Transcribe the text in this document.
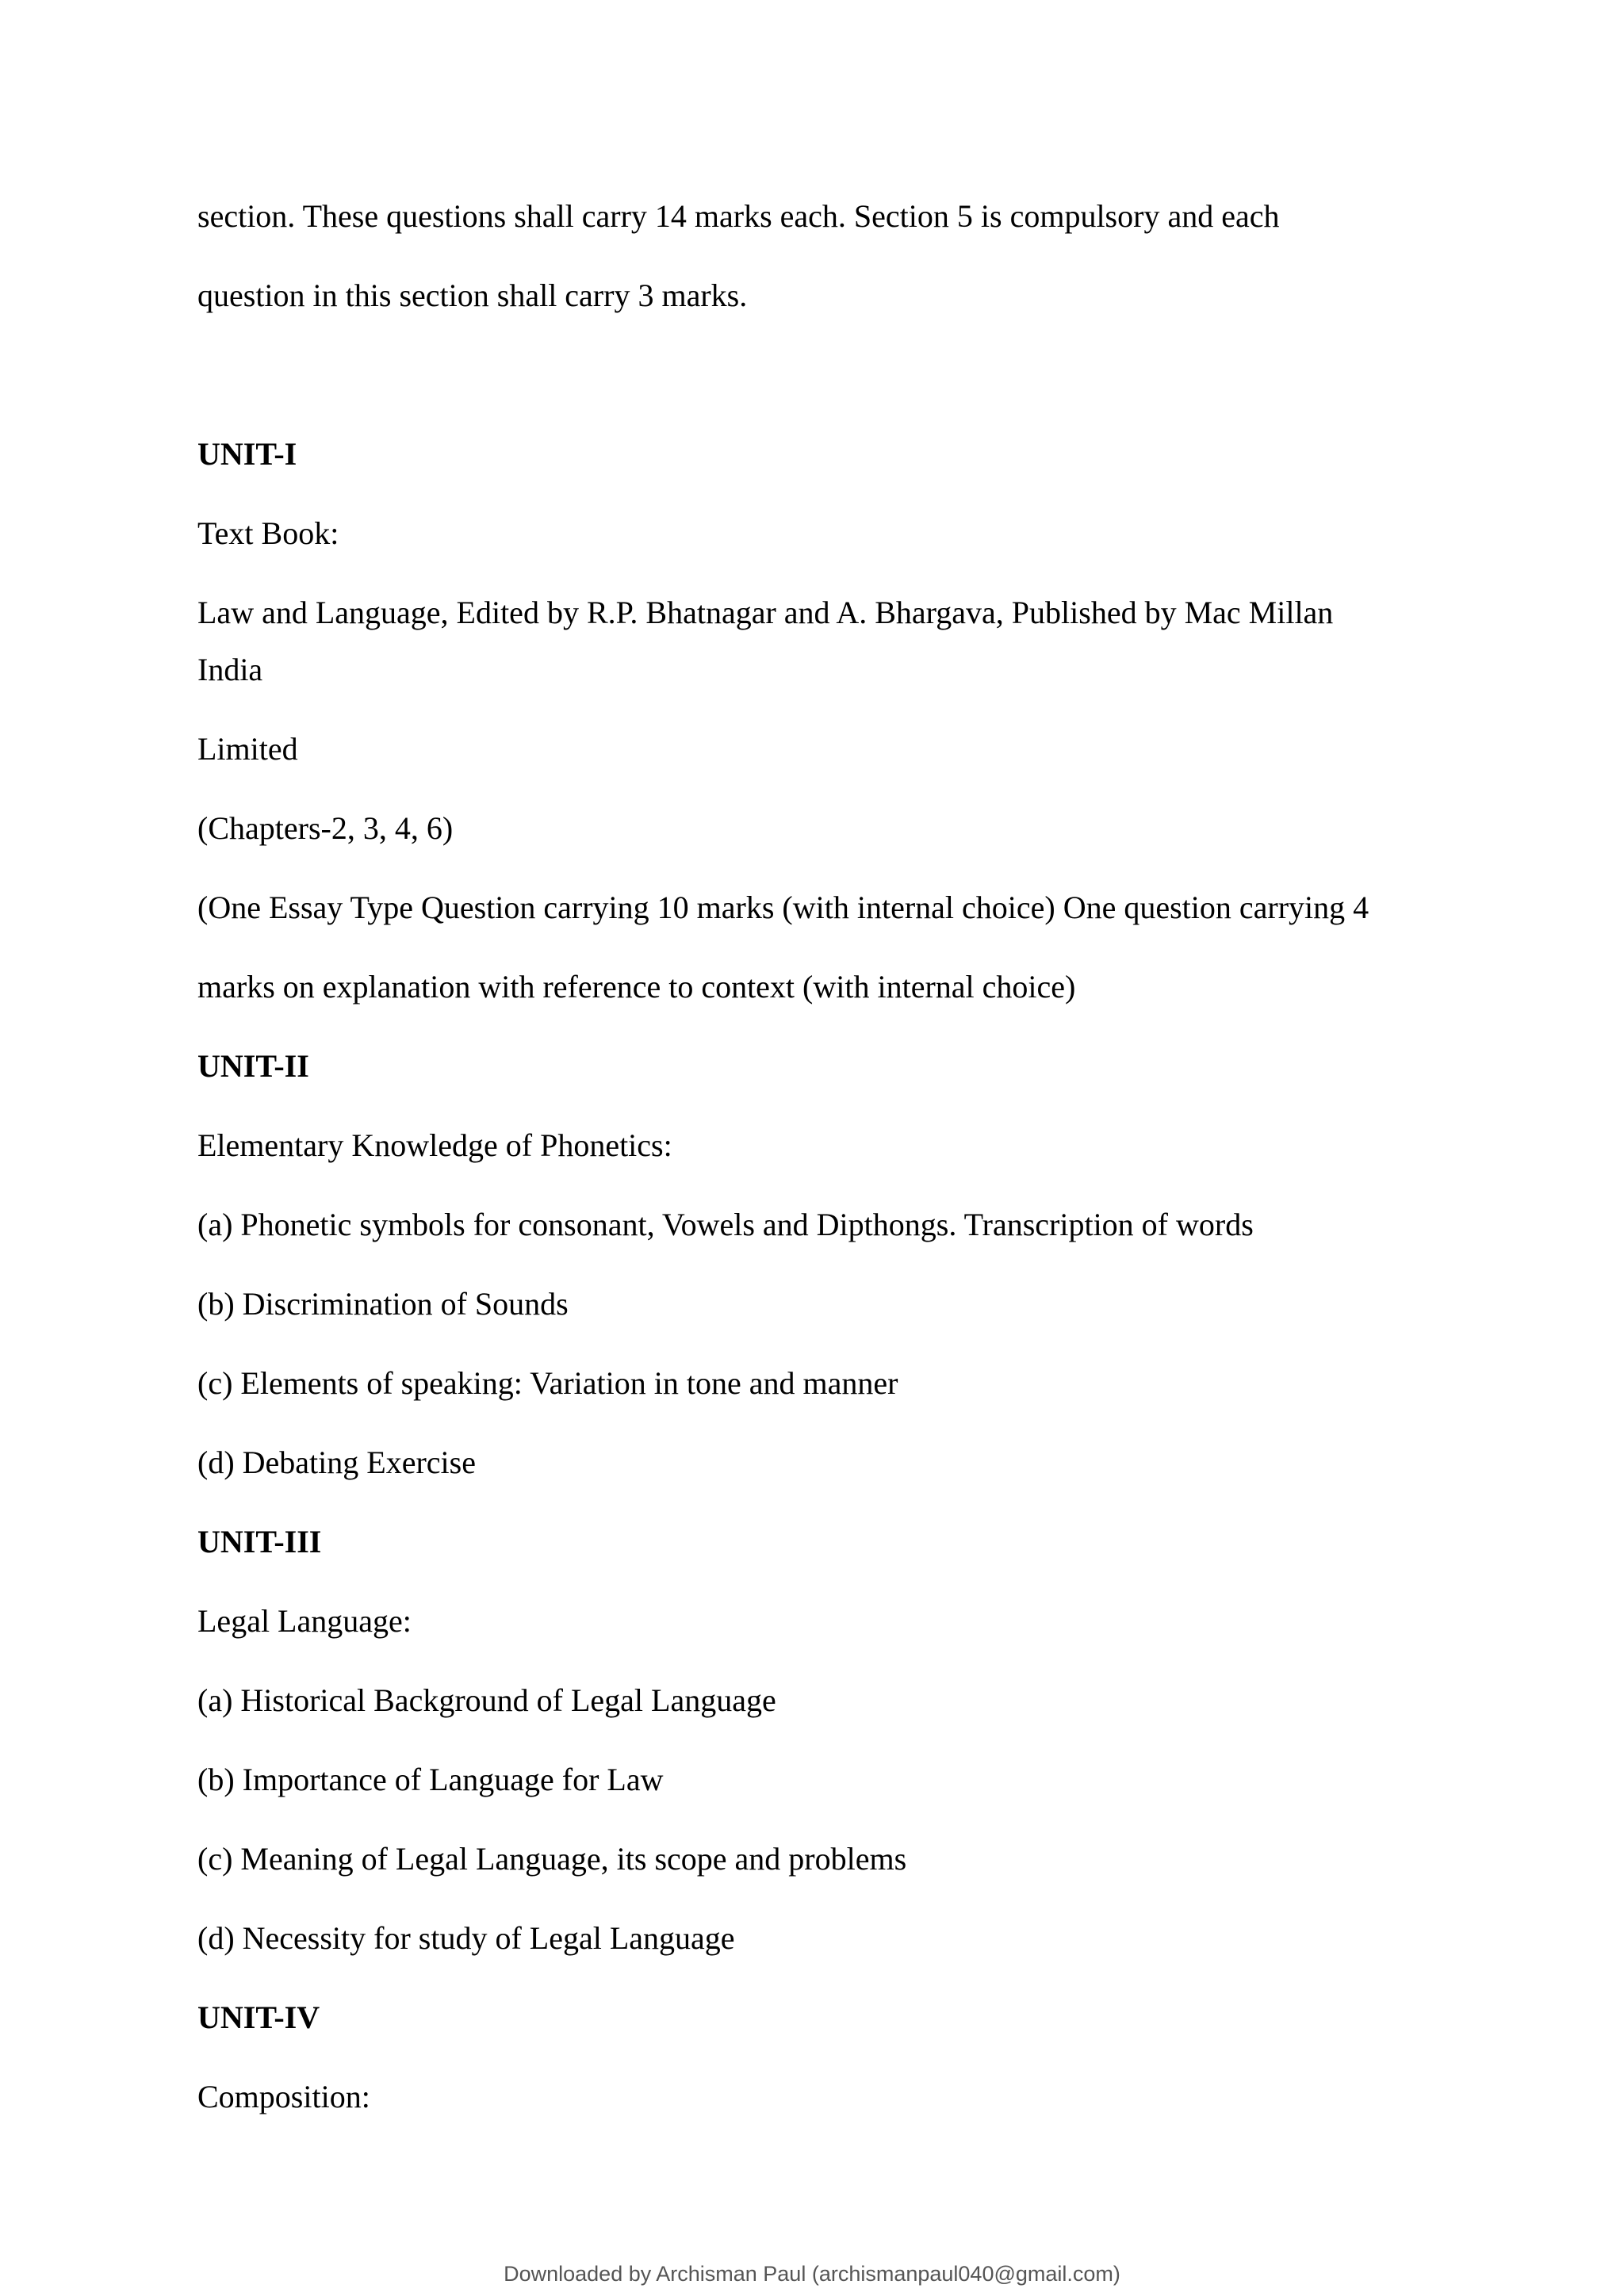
section. These questions shall carry 14 marks each. Section 5 is compulsory and each
question in this section shall carry 3 marks.
UNIT-I
Text Book:
Law and Language, Edited by R.P. Bhatnagar and A. Bhargava, Published by Mac Millan
India
Limited
(Chapters-2, 3, 4, 6)
(One Essay Type Question carrying 10 marks (with internal choice) One question carrying 4
marks on explanation with reference to context (with internal choice)
UNIT-II
Elementary Knowledge of Phonetics:
(a) Phonetic symbols for consonant, Vowels and Dipthongs. Transcription of words
(b) Discrimination of Sounds
(c) Elements of speaking: Variation in tone and manner
(d) Debating Exercise
UNIT-III
Legal Language:
(a) Historical Background of Legal Language
(b) Importance of Language for Law
(c) Meaning of Legal Language, its scope and problems
(d) Necessity for study of Legal Language
UNIT-IV
Composition:
Downloaded by Archisman Paul (archismanpaul040@gmail.com)
